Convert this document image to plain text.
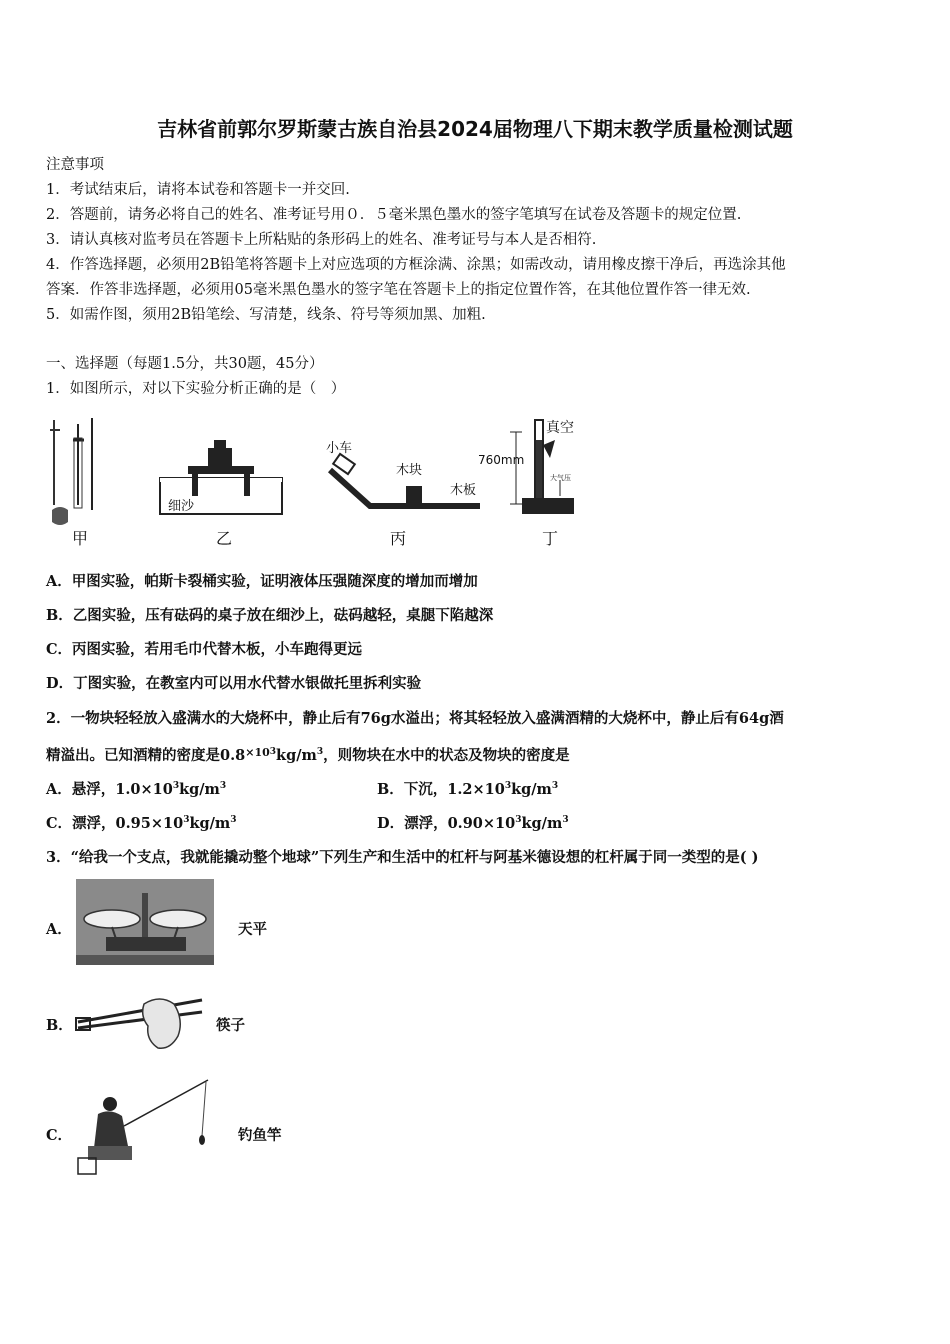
吉林省前郭尔罗斯蒙古族自治县2024届物理八下期末教学质量检测试题
注意事项
1．考试结束后，请将本试卷和答题卡一并交回.
2．答题前，请务必将自己的姓名、准考证号用０．５毫米黑色墨水的签字笔填写在试卷及答题卡的规定位置.
3．请认真核对监考员在答题卡上所粘贴的条形码上的姓名、准考证号与本人是否相符.
4．作答选择题，必须用2B铅笔将答题卡上对应选项的方框涂满、涂黑；如需改动，请用橡皮擦干净后，再选涂其他
答案．作答非选择题，必须用05毫米黑色墨水的签字笔在答题卡上的指定位置作答，在其他位置作答一律无效.
5．如需作图，须用2B铅笔绘、写清楚，线条、符号等须加黑、加粗.
一、选择题（每题1.5分，共30题，45分）
1．如图所示，对以下实验分析正确的是（　）
甲
细沙
乙
小车
木块
木板
丙
真空
760mm
大气压
丁
A．甲图实验，帕斯卡裂桶实验，证明液体压强随深度的增加而增加
B．乙图实验，压有砝码的桌子放在细沙上，砝码越轻，桌腿下陷越深
C．丙图实验，若用毛巾代替木板，小车跑得更远
D．丁图实验，在教室内可以用水代替水银做托里拆利实验
2．一物块轻轻放入盛满水的大烧杯中，静止后有76g水溢出；将其轻轻放入盛满酒精的大烧杯中，静止后有64g酒
精溢出。已知酒精的密度是$0.8^{\times 103}kg/m^3$，则物块在水中的状态及物块的密度是
A．悬浮，$1.0\times 10^3kg/m^3$	B．下沉，$1.2\times 10^3kg/m^3$
C．漂浮，$0.95\times 10^3kg/m^3$	D．漂浮，$0.90\times 10^3kg/m^3$
3．“给我一个支点，我就能撬动整个地球”下列生产和生活中的杠杆与阿基米德设想的杠杆属于同一类型的是( )
A．	天平
B．	筷子
C．	钓鱼竿
